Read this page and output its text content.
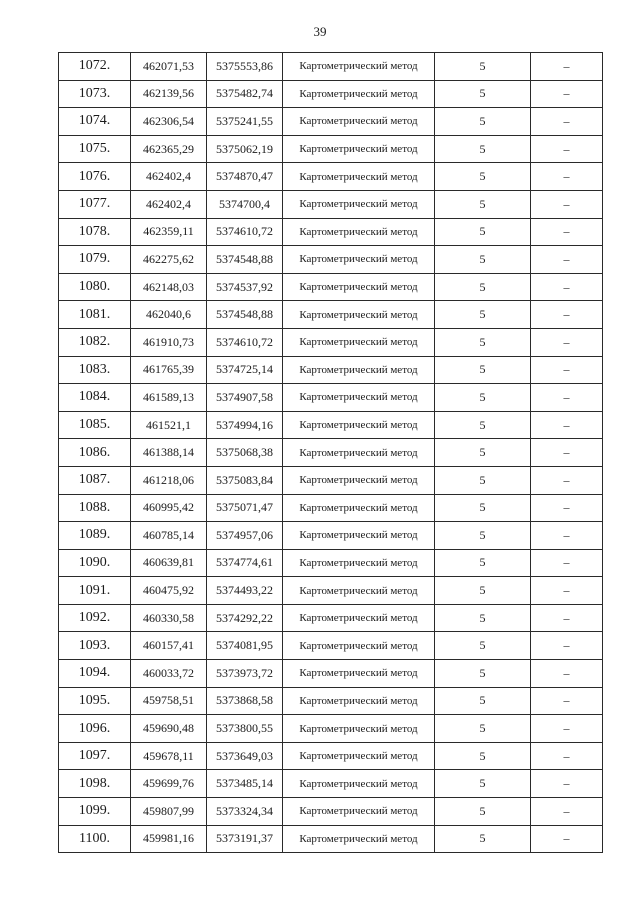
39
1072.	462071,53	5375553,86	Картометрический метод	5	–
1073.	462139,56	5375482,74	Картометрический метод	5	–
1074.	462306,54	5375241,55	Картометрический метод	5	–
1075.	462365,29	5375062,19	Картометрический метод	5	–
1076.	462402,4	5374870,47	Картометрический метод	5	–
1077.	462402,4	5374700,4	Картометрический метод	5	–
1078.	462359,11	5374610,72	Картометрический метод	5	–
1079.	462275,62	5374548,88	Картометрический метод	5	–
1080.	462148,03	5374537,92	Картометрический метод	5	–
1081.	462040,6	5374548,88	Картометрический метод	5	–
1082.	461910,73	5374610,72	Картометрический метод	5	–
1083.	461765,39	5374725,14	Картометрический метод	5	–
1084.	461589,13	5374907,58	Картометрический метод	5	–
1085.	461521,1	5374994,16	Картометрический метод	5	–
1086.	461388,14	5375068,38	Картометрический метод	5	–
1087.	461218,06	5375083,84	Картометрический метод	5	–
1088.	460995,42	5375071,47	Картометрический метод	5	–
1089.	460785,14	5374957,06	Картометрический метод	5	–
1090.	460639,81	5374774,61	Картометрический метод	5	–
1091.	460475,92	5374493,22	Картометрический метод	5	–
1092.	460330,58	5374292,22	Картометрический метод	5	–
1093.	460157,41	5374081,95	Картометрический метод	5	–
1094.	460033,72	5373973,72	Картометрический метод	5	–
1095.	459758,51	5373868,58	Картометрический метод	5	–
1096.	459690,48	5373800,55	Картометрический метод	5	–
1097.	459678,11	5373649,03	Картометрический метод	5	–
1098.	459699,76	5373485,14	Картометрический метод	5	–
1099.	459807,99	5373324,34	Картометрический метод	5	–
1100.	459981,16	5373191,37	Картометрический метод	5	–
